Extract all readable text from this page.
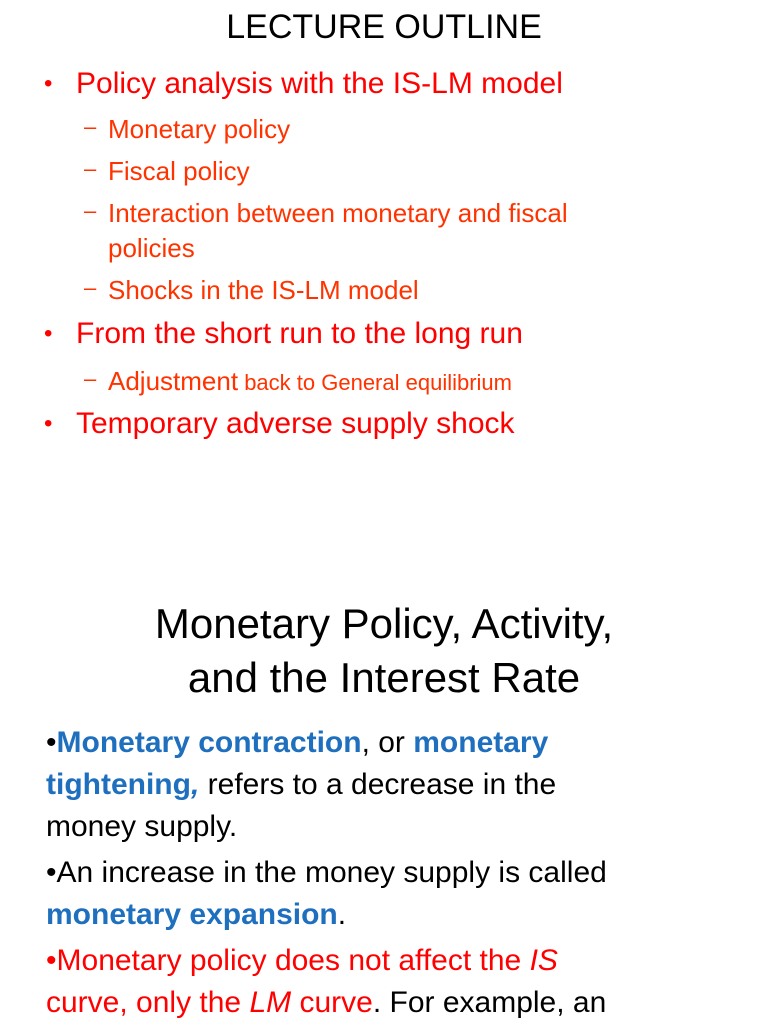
LECTURE OUTLINE
• Policy analysis with the IS-LM model
– Monetary policy
– Fiscal policy
– Interaction between monetary and fiscal
policies
– Shocks in the IS-LM model
• From the short run to the long run
– Adjustment back to General equilibrium
• Temporary adverse supply shock
Monetary Policy, Activity,
and the Interest Rate
•Monetary contraction, or monetary
tightening, refers to a decrease in the
money supply.
•An increase in the money supply is called
monetary expansion.
•Monetary policy does not affect the IS
curve, only the LM curve. For example, an
